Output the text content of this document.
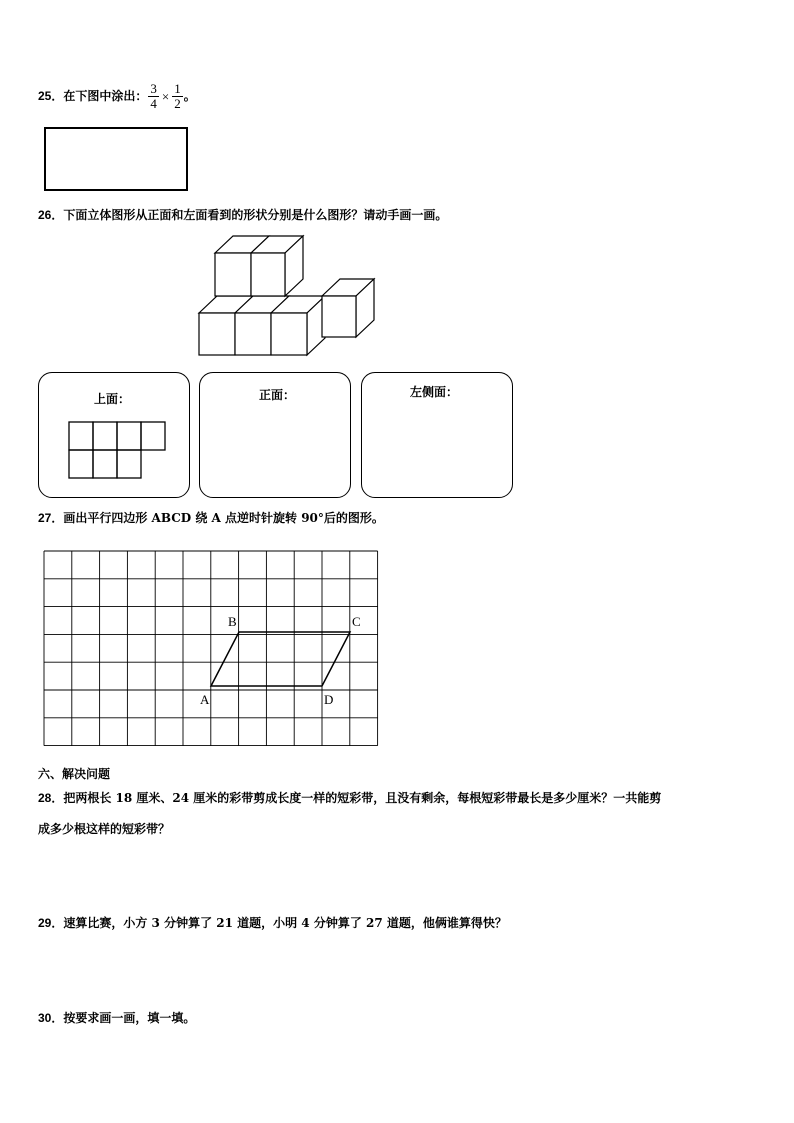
25．在下图中涂出： $\frac{3}{4} \times \frac{1}{2}$ 。
26．下面立体图形从正面和左面看到的形状分别是什么图形？请动手画一画。
上面：	正面：	左侧面：
27．画出平行四边形 ABCD 绕 A 点逆时针旋转 90°后的图形。
A
B	C
D
六、解决问题
28．把两根长 18 厘米、24 厘米的彩带剪成长度一样的短彩带，且没有剩余，每根短彩带最长是多少厘米？一共能剪
成多少根这样的短彩带？
29．速算比赛，小方 3 分钟算了 21 道题，小明 4 分钟算了 27 道题，他俩谁算得快？
30．按要求画一画，填一填。
